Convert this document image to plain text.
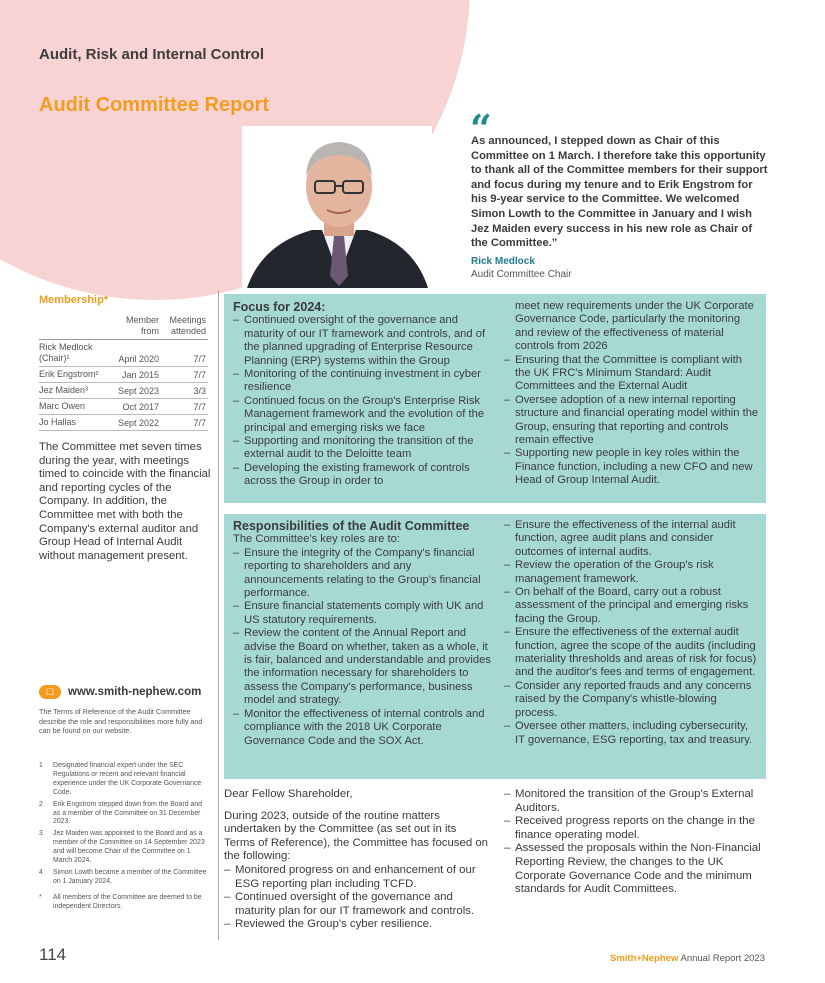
Audit, Risk and Internal Control
Audit Committee Report
“
As announced, I stepped down as Chair of this Committee on 1 March. I therefore take this opportunity to thank all of the Committee members for their support and focus during my tenure and to Erik Engstrom for his 9-year service to the Committee. We welcomed Simon Lowth to the Committee in January and I wish Jez Maiden every success in his new role as Chair of the Committee.”
Rick Medlock
Audit Committee Chair
Membership*
Member from
Meetings attended
Rick Medlock (Chair)¹	April 2020	7/7
Erik Engstrom²	Jan 2015	7/7
Jez Maiden³	Sept 2023	3/3
Marc Owen	Oct 2017	7/7
Jo Hallas	Sept 2022	7/7
The Committee met seven times during the year, with meetings timed to coincide with the financial and reporting cycles of the Company. In addition, the Committee met with both the Company's external auditor and Group Head of Internal Audit without management present.
☐	www.smith-nephew.com
The Terms of Reference of the Audit Committee describe the role and responsibilities more fully and can be found on our website.
1 Designated financial expert under the SEC Regulations or recent and relevant financial experience under the UK Corporate Governance Code.
2 Erik Engstrom stepped down from the Board and as a member of the Committee on 31 December 2023.
3 Jez Maiden was appointed to the Board and as a member of the Committee on 14 September 2023 and will become Chair of the Committee on 1 March 2024.
4 Simon Lowth became a member of the Committee on 1 January 2024.
* All members of the Committee are deemed to be independent Directors.
Focus for 2024:
– Continued oversight of the governance and maturity of our IT framework and controls, and of the planned upgrading of Enterprise Resource Planning (ERP) systems within the Group
– Monitoring of the continuing investment in cyber resilience
– Continued focus on the Group's Enterprise Risk Management framework and the evolution of the principal and emerging risks we face
– Supporting and monitoring the transition of the external audit to the Deloitte team
– Developing the existing framework of controls across the Group in order to
meet new requirements under the UK Corporate Governance Code, particularly the monitoring and review of the effectiveness of material controls from 2026
– Ensuring that the Committee is compliant with the UK FRC's Minimum Standard: Audit Committees and the External Audit
– Oversee adoption of a new internal reporting structure and financial operating model within the Group, ensuring that reporting and controls remain effective
– Supporting new people in key roles within the Finance function, including a new CFO and new Head of Group Internal Audit.
Responsibilities of the Audit Committee
The Committee's key roles are to:
– Ensure the integrity of the Company's financial reporting to shareholders and any announcements relating to the Group's financial performance.
– Ensure financial statements comply with UK and US statutory requirements.
– Review the content of the Annual Report and advise the Board on whether, taken as a whole, it is fair, balanced and understandable and provides the information necessary for shareholders to assess the Company's performance, business model and strategy.
– Monitor the effectiveness of internal controls and compliance with the 2018 UK Corporate Governance Code and the SOX Act.
– Ensure the effectiveness of the internal audit function, agree audit plans and consider outcomes of internal audits.
– Review the operation of the Group's risk management framework.
– On behalf of the Board, carry out a robust assessment of the principal and emerging risks facing the Group.
– Ensure the effectiveness of the external audit function, agree the scope of the audits (including materiality thresholds and areas of risk for focus) and the auditor's fees and terms of engagement.
– Consider any reported frauds and any concerns raised by the Company's whistle-blowing process.
– Oversee other matters, including cybersecurity, IT governance, ESG reporting, tax and treasury.
Dear Fellow Shareholder,
During 2023, outside of the routine matters undertaken by the Committee (as set out in its Terms of Reference), the Committee has focused on the following:
– Monitored progress on and enhancement of our ESG reporting plan including TCFD.
– Continued oversight of the governance and maturity plan for our IT framework and controls.
– Reviewed the Group's cyber resilience.
– Monitored the transition of the Group's External Auditors.
– Received progress reports on the change in the finance operating model.
– Assessed the proposals within the Non-Financial Reporting Review, the changes to the UK Corporate Governance Code and the minimum standards for Audit Committees.
114	Smith+Nephew Annual Report 2023
